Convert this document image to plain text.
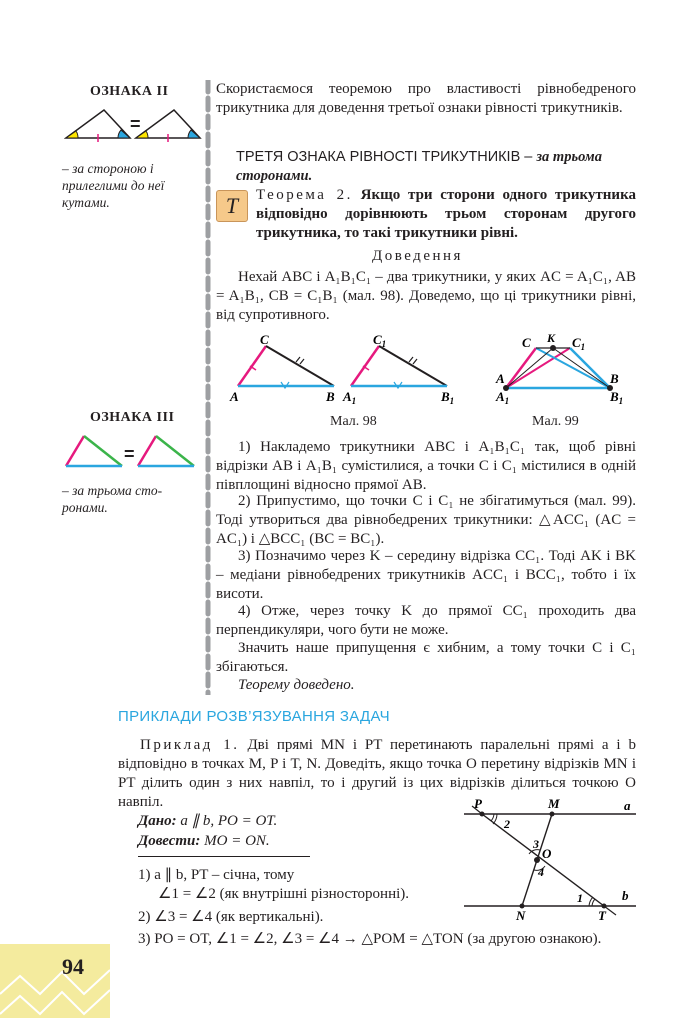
ОЗНАКА II
=
– за стороною і прилеглими до неї кутами.
ОЗНАКА III
=
– за трьома сторонами.
Скористаємося теоремою про властивості рівнобедреного трикутника для доведення третьої ознаки рівності трикутників.
ТРЕТЯ ОЗНАКА РІВНОСТІ ТРИКУТНИКІВ – за трьома сторонами.
Т	Теорема 2. Якщо три сторони одного трикутника відповідно дорівнюють трьом сторонам другого трикутника, то такі трикутники рівні.
Доведення
Нехай ABC і A₁B₁C₁ – два трикутники, у яких AC = A₁C₁, AB = A₁B₁, CB = C₁B₁ (мал. 98). Доведемо, що ці трикутники рівні, від супротивного.
A
C
B $A_1$
$C_1$
$B_1$
C K $C_1$
A
$A_1$
B
$B_1$
Мал. 98	Мал. 99
1) Накладемо трикутники ABC і A₁B₁C₁ так, щоб рівні відрізки AB і A₁B₁ сумістилися, а точки C і C₁ містилися в одній півплощині відносно прямої AB.
2) Припустимо, що точки C і C₁ не збігатимуться (мал. 99). Тоді утвориться два рівнобедрених трикутники: △ACC₁ (AC = AC₁) і △BCC₁ (BC = BC₁).
3) Позначимо через K – середину відрізка CC₁. Тоді AK і BK – медіани рівнобедрених трикутників ACC₁ і BCC₁, тобто і їх висоти.
4) Отже, через точку K до прямої CC₁ проходить два перпендикуляри, чого бути не може.
Значить наше припущення є хибним, а тому точки C і C₁ збігаються.
Теорему доведено.
ПРИКЛАДИ РОЗВ’ЯЗУВАННЯ ЗАДАЧ
Приклад 1. Дві прямі MN і PT перетинають паралельні прямі a і b відповідно в точках M, P і T, N. Доведіть, якщо точка O перетину відрізків MN і PT ділить один з них навпіл, то і другий із цих відрізків ділиться точкою O навпіл.
Дано: a ∥ b, PO = OT.
Довести: MO = ON.
1) a ∥ b, PT – січна, тому
∠1 = ∠2 (як внутрішні різносторонні).
2) ∠3 = ∠4 (як вертикальні).
3) PO = OT, ∠1 = ∠2, ∠3 = ∠4 → △POM = △TON (за другою ознакою).
P	M	a
O
N	T
b
2
1
3
4
94
